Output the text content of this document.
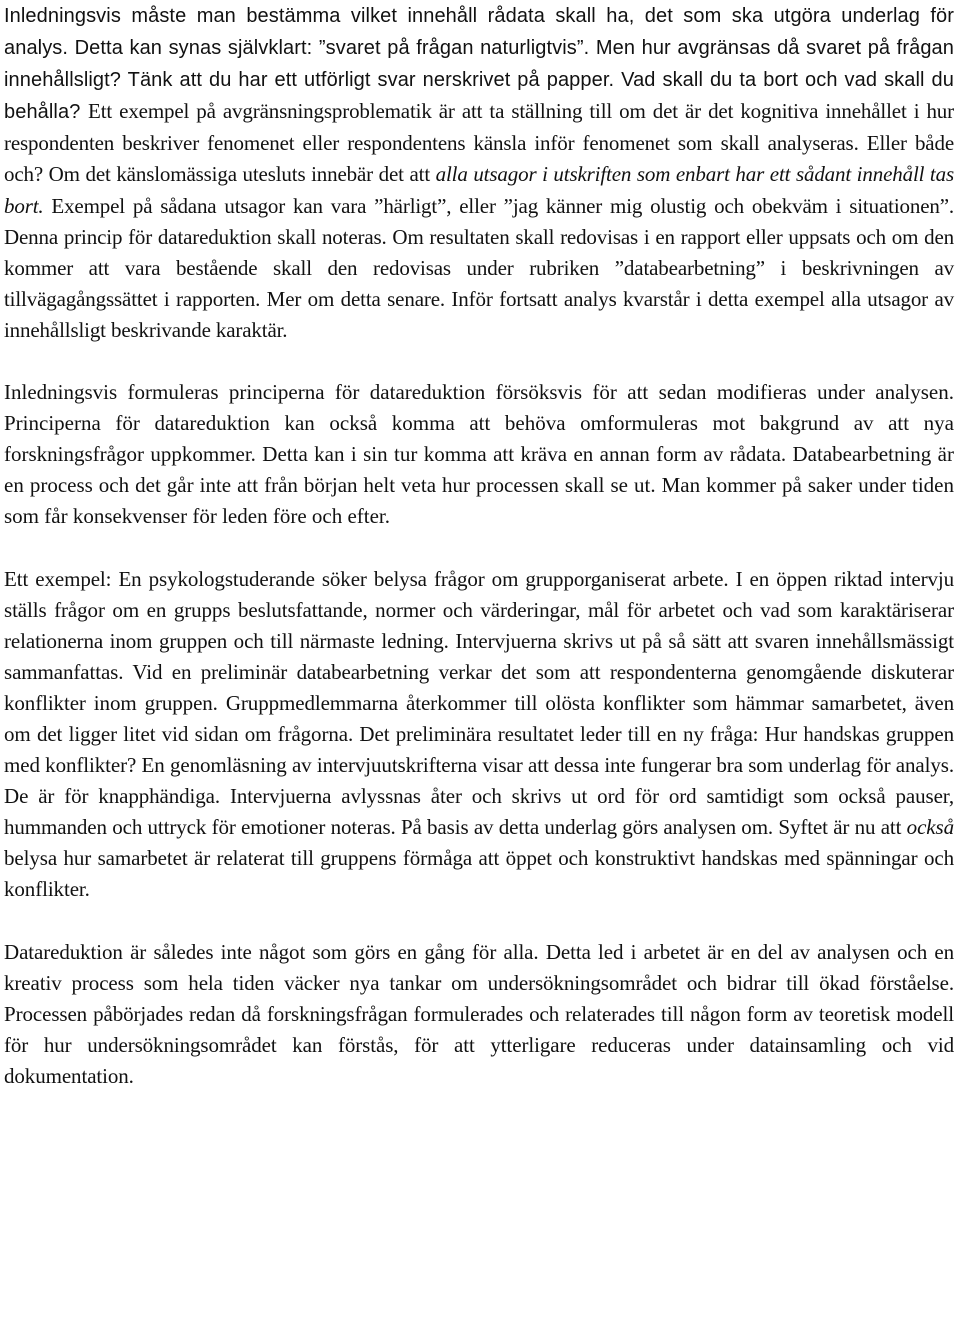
Inledningsvis måste man bestämma vilket innehåll rådata skall ha, det som ska utgöra underlag för analys. Detta kan synas självklart: ”svaret på frågan naturligtvis”. Men hur avgränsas då svaret på frågan innehållsligt? Tänk att du har ett utförligt svar nerskrivet på papper. Vad skall du ta bort och vad skall du behålla? Ett exempel på avgränsningsproblematik är att ta ställning till om det är det kognitiva innehållet i hur respondenten beskriver fenomenet eller respondentens känsla inför fenomenet som skall analyseras. Eller både och? Om det känslomässiga utesluts innebär det att alla utsagor i utskriften som enbart har ett sådant innehåll tas bort. Exempel på sådana utsagor kan vara ”härligt”, eller ”jag känner mig olustig och obekväm i situationen”. Denna princip för datareduktion skall noteras. Om resultaten skall redovisas i en rapport eller uppsats och om den kommer att vara bestående skall den redovisas under rubriken ”databearbetning” i beskrivningen av tillvägagångssättet i rapporten. Mer om detta senare. Inför fortsatt analys kvarstår i detta exempel alla utsagor av innehållsligt beskrivande karaktär.

Inledningsvis formuleras principerna för datareduktion försöksvis för att sedan modifieras under analysen. Principerna för datareduktion kan också komma att behöva omformuleras mot bakgrund av att nya forskningsfrågor uppkommer. Detta kan i sin tur komma att kräva en annan form av rådata. Databearbetning är en process och det går inte att från början helt veta hur processen skall se ut. Man kommer på saker under tiden som får konsekvenser för leden före och efter.

Ett exempel: En psykologstuderande söker belysa frågor om grupporganiserat arbete. I en öppen riktad intervju ställs frågor om en grupps beslutsfattande, normer och värderingar, mål för arbetet och vad som karaktäriserar relationerna inom gruppen och till närmaste ledning. Intervjuerna skrivs ut på så sätt att svaren innehållsmässigt sammanfattas. Vid en preliminär databearbetning verkar det som att respondenterna genomgående diskuterar konflikter inom gruppen. Gruppmedlemmarna återkommer till olösta konflikter som hämmar samarbetet, även om det ligger litet vid sidan om frågorna. Det preliminära resultatet leder till en ny fråga: Hur handskas gruppen med konflikter? En genomläsning av intervjuutskrifterna visar att dessa inte fungerar bra som underlag för analys. De är för knapphändiga. Intervjuerna avlyssnas åter och skrivs ut ord för ord samtidigt som också pauser, hummanden och uttryck för emotioner noteras. På basis av detta underlag görs analysen om. Syftet är nu att också belysa hur samarbetet är relaterat till gruppens förmåga att öppet och konstruktivt handskas med spänningar och konflikter.

Datareduktion är således inte något som görs en gång för alla. Detta led i arbetet är en del av analysen och en kreativ process som hela tiden väcker nya tankar om undersökningsområdet och bidrar till ökad förståelse. Processen påbörjades redan då forskningsfrågan formulerades och relaterades till någon form av teoretisk modell för hur undersökningsområdet kan förstås, för att ytterligare reduceras under datainsamling och vid dokumentation.
